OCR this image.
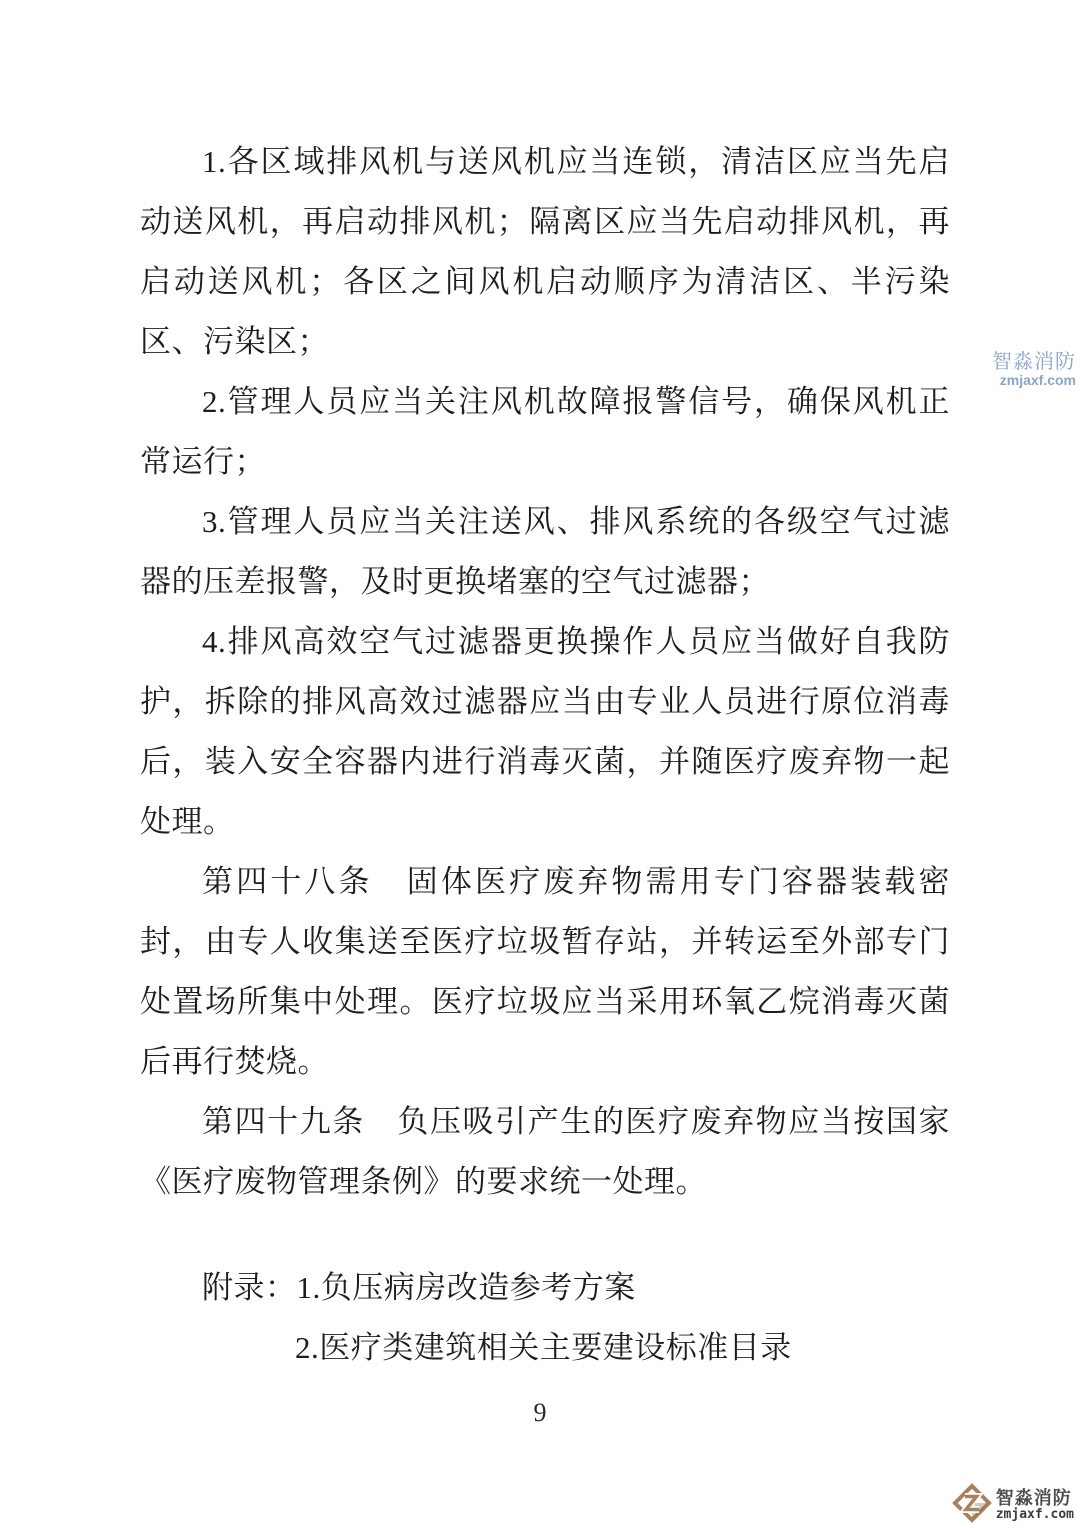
1.各区域排风机与送风机应当连锁，清洁区应当先启动送风机，再启动排风机；隔离区应当先启动排风机，再启动送风机；各区之间风机启动顺序为清洁区、半污染区、污染区；

2.管理人员应当关注风机故障报警信号，确保风机正常运行；

3.管理人员应当关注送风、排风系统的各级空气过滤器的压差报警，及时更换堵塞的空气过滤器；

4.排风高效空气过滤器更换操作人员应当做好自我防护，拆除的排风高效过滤器应当由专业人员进行原位消毒后，装入安全容器内进行消毒灭菌，并随医疗废弃物一起处理。

第四十八条　固体医疗废弃物需用专门容器装载密封，由专人收集送至医疗垃圾暂存站，并转运至外部专门处置场所集中处理。医疗垃圾应当采用环氧乙烷消毒灭菌后再行焚烧。

第四十九条　负压吸引产生的医疗废弃物应当按国家《医疗废物管理条例》的要求统一处理。

附录：1.负压病房改造参考方案

2.医疗类建筑相关主要建设标准目录

9
智淼消防
zmjaxf.com
智淼消防
zmjaxf.com
